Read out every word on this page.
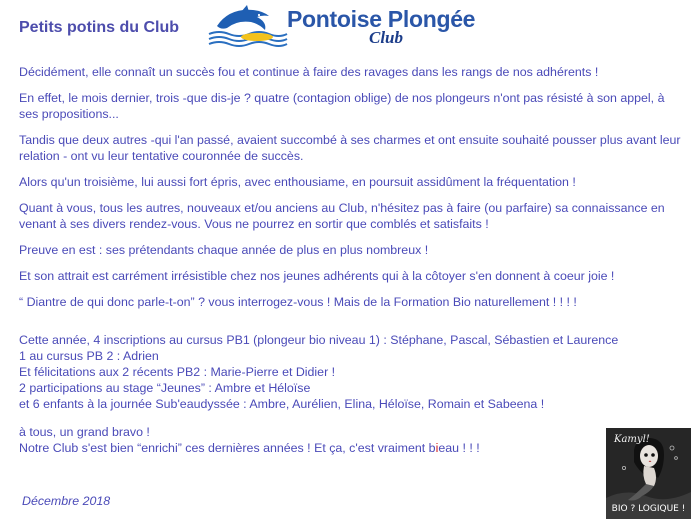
Petits potins du Club	Pontoise Plongée
Club

Décidément, elle connaît un succès fou et continue à faire des ravages dans les rangs de nos adhérents !

En effet, le mois dernier, trois -que dis-je ? quatre (contagion oblige) de nos plongeurs n'ont pas résisté à son appel, à ses propositions...

Tandis que deux autres -qui l'an passé, avaient succombé à ses charmes et ont ensuite souhaité pousser plus avant leur relation - ont vu leur tentative couronnée de succès.

Alors qu'un troisième, lui aussi fort épris, avec enthousiame, en poursuit assidûment la fréquentation !

Quant à vous, tous les autres, nouveaux et/ou anciens au Club, n'hésitez pas à faire (ou parfaire) sa connaissance en venant à ses divers rendez-vous. Vous ne pourrez en sortir que comblés et satisfaits !

Preuve en est : ses prétendants chaque année de plus en plus nombreux !

Et son attrait est carrément irrésistible chez nos jeunes adhérents qui à la côtoyer s'en donnent à coeur joie !

“ Diantre de qui donc parle-t-on” ? vous interrogez-vous ! Mais de la Formation Bio naturellement ! ! ! !

Cette année, 4 inscriptions au cursus PB1 (plongeur bio niveau 1) : Stéphane, Pascal, Sébastien et Laurence
1 au cursus PB 2 : Adrien
Et félicitations aux 2 récents PB2 : Marie-Pierre et Didier !
2 participations au stage “Jeunes” : Ambre et Héloïse
et 6 enfants à la journée Sub'eaudyssée : Ambre, Aurélien, Elina, Héloïse, Romain et Sabeena !
à tous, un grand bravo !
Notre Club s'est bien “enrichi” ces dernières années ! Et ça, c'est vraiment bieau ! ! !
Décembre 2018
Kamyl!
BIO ? LOGIQUE !
